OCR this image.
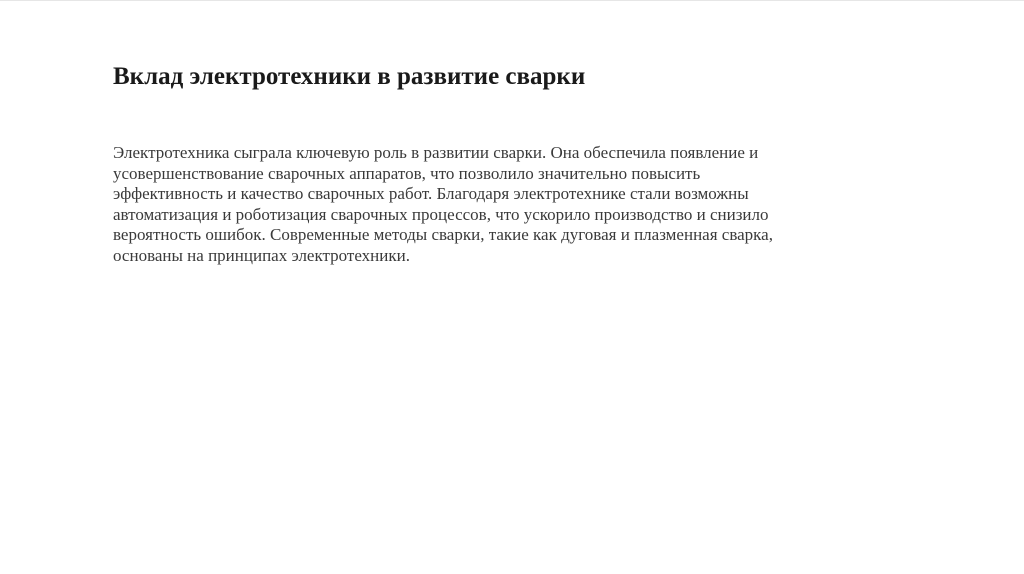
Вклад электротехники в развитие сварки

Электротехника сыграла ключевую роль в развитии сварки. Она обеспечила появление и
усовершенствование сварочных аппаратов, что позволило значительно повысить
эффективность и качество сварочных работ. Благодаря электротехнике стали возможны
автоматизация и роботизация сварочных процессов, что ускорило производство и снизило
вероятность ошибок. Современные методы сварки, такие как дуговая и плазменная сварка,
основаны на принципах электротехники.
